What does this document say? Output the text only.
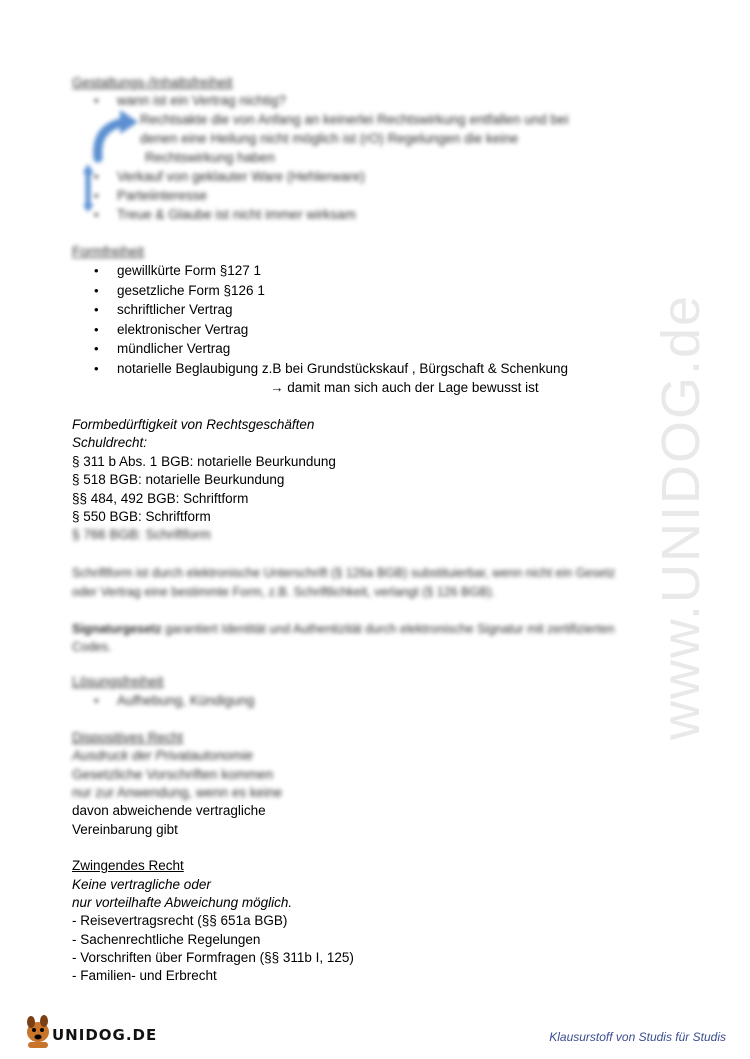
www.UNIDOG.de
Gestaltungs-/Inhaltsfreiheit
• wann ist ein Vertrag nichtig?
Rechtsakte die von Anfang an keinerlei Rechtswirkung entfallen und bei
denen eine Heilung nicht möglich ist (rO) Regelungen die keine
Rechtswirkung haben
• Verkauf von geklauter Ware (Hehlerware)
• Parteiinteresse
• Treue & Glaube ist nicht immer wirksam
Formfreiheit
• gewillkürte Form §127 1
• gesetzliche Form §126 1
• schriftlicher Vertrag
• elektronischer Vertrag
• mündlicher Vertrag
• notarielle Beglaubigung z.B bei Grundstückskauf , Bürgschaft & Schenkung
→ damit man sich auch der Lage bewusst ist
Formbedürftigkeit von Rechtsgeschäften
Schuldrecht:
§ 311 b Abs. 1 BGB: notarielle Beurkundung
§ 518 BGB: notarielle Beurkundung
§§ 484, 492 BGB: Schriftform
§ 550 BGB: Schriftform
§ 766 BGB: Schriftform
Schriftform ist durch elektronische Unterschrift (§ 126a BGB) substituierbar, wenn nicht ein Gesetz
oder Vertrag eine bestimmte Form, z.B. Schriftlichkeit, verlangt (§ 126 BGB).
Signaturgesetz garantiert Identität und Authentizität durch elektronische Signatur mit zertifizierten
Codes.
Lösungsfreiheit
• Aufhebung, Kündigung
Dispositives Recht
Ausdruck der Privatautonomie
Gesetzliche Vorschriften kommen
nur zur Anwendung, wenn es keine
davon abweichende vertragliche
Vereinbarung gibt
Zwingendes Recht
Keine vertragliche oder
nur vorteilhafte Abweichung möglich.
- Reisevertragsrecht (§§ 651a BGB)
- Sachenrechtliche Regelungen
- Vorschriften über Formfragen (§§ 311b I, 125)
- Familien- und Erbrecht
UNIDOG.DE	Klausurstoff von Studis für Studis
